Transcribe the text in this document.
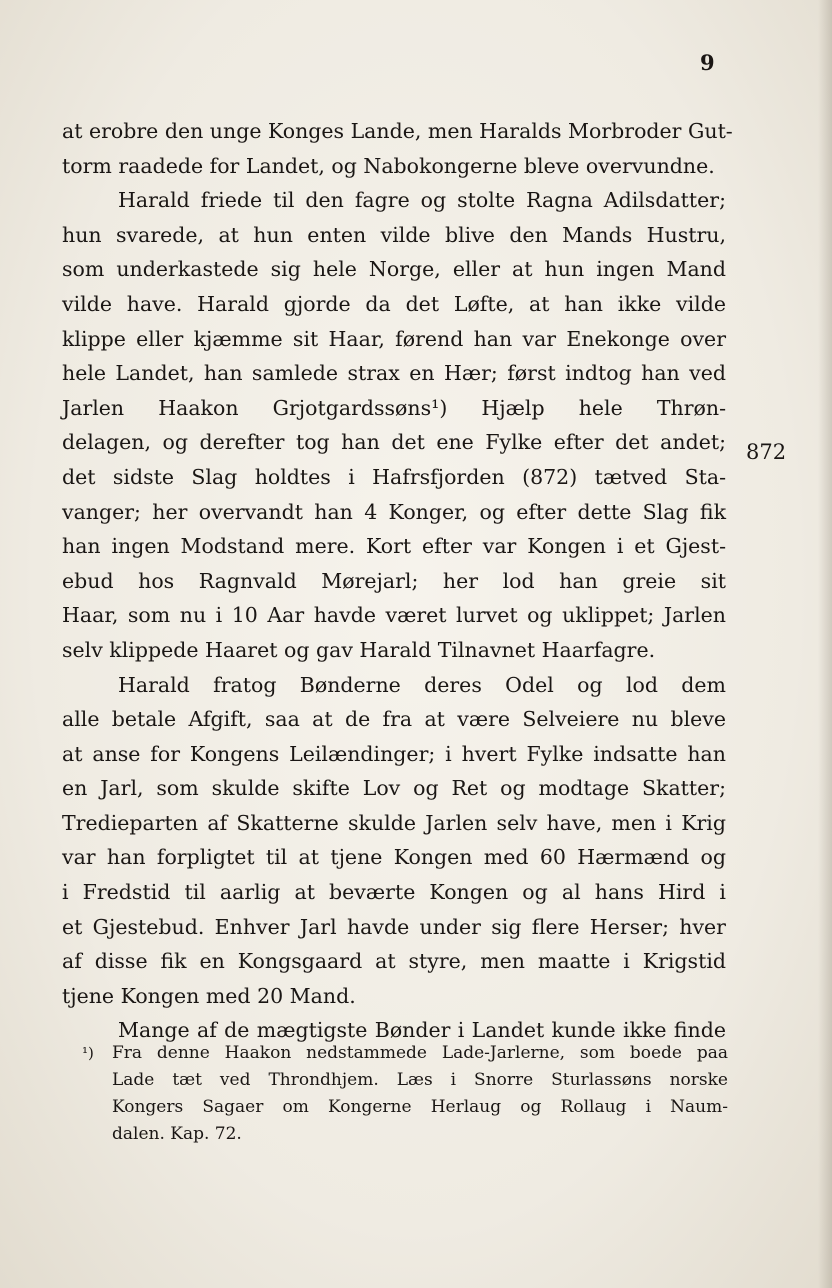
9
at erobre den unge Konges Lande, men Haralds Morbroder Gut-
torm raadede for Landet, og Nabokongerne bleve overvundne.
Harald friede til den fagre og stolte Ragna Adilsdatter;
hun svarede, at hun enten vilde blive den Mands Hustru,
som underkastede sig hele Norge, eller at hun ingen Mand
vilde have. Harald gjorde da det Løfte, at han ikke vilde
klippe eller kjæmme sit Haar, førend han var Enekonge over
hele Landet, han samlede strax en Hær; først indtog han ved
Jarlen Haakon Grjotgardssøns¹) Hjælp hele Thrøn-
delagen, og derefter tog han det ene Fylke efter det andet;
det sidste Slag holdtes i Hafrsfjorden (872) tætved Sta-
vanger; her overvandt han 4 Konger, og efter dette Slag fik
han ingen Modstand mere. Kort efter var Kongen i et Gjest-
ebud hos Ragnvald Mørejarl; her lod han greie sit
Haar, som nu i 10 Aar havde været lurvet og uklippet; Jarlen
selv klippede Haaret og gav Harald Tilnavnet Haarfagre.
Harald fratog Bønderne deres Odel og lod dem
alle betale Afgift, saa at de fra at være Selveiere nu bleve
at anse for Kongens Leilændinger; i hvert Fylke indsatte han
en Jarl, som skulde skifte Lov og Ret og modtage Skatter;
Tredieparten af Skatterne skulde Jarlen selv have, men i Krig
var han forpligtet til at tjene Kongen med 60 Hærmænd og
i Fredstid til aarlig at beværte Kongen og al hans Hird i
et Gjestebud. Enhver Jarl havde under sig flere Herser; hver
af disse fik en Kongsgaard at styre, men maatte i Krigstid
tjene Kongen med 20 Mand.
Mange af de mægtigste Bønder i Landet kunde ikke finde
872
¹) Fra denne Haakon nedstammede Lade-Jarlerne, som boede paa
Lade tæt ved Throndhjem. Læs i Snorre Sturlassøns norske
Kongers Sagaer om Kongerne Herlaug og Rollaug i Naum-
dalen. Kap. 72.
